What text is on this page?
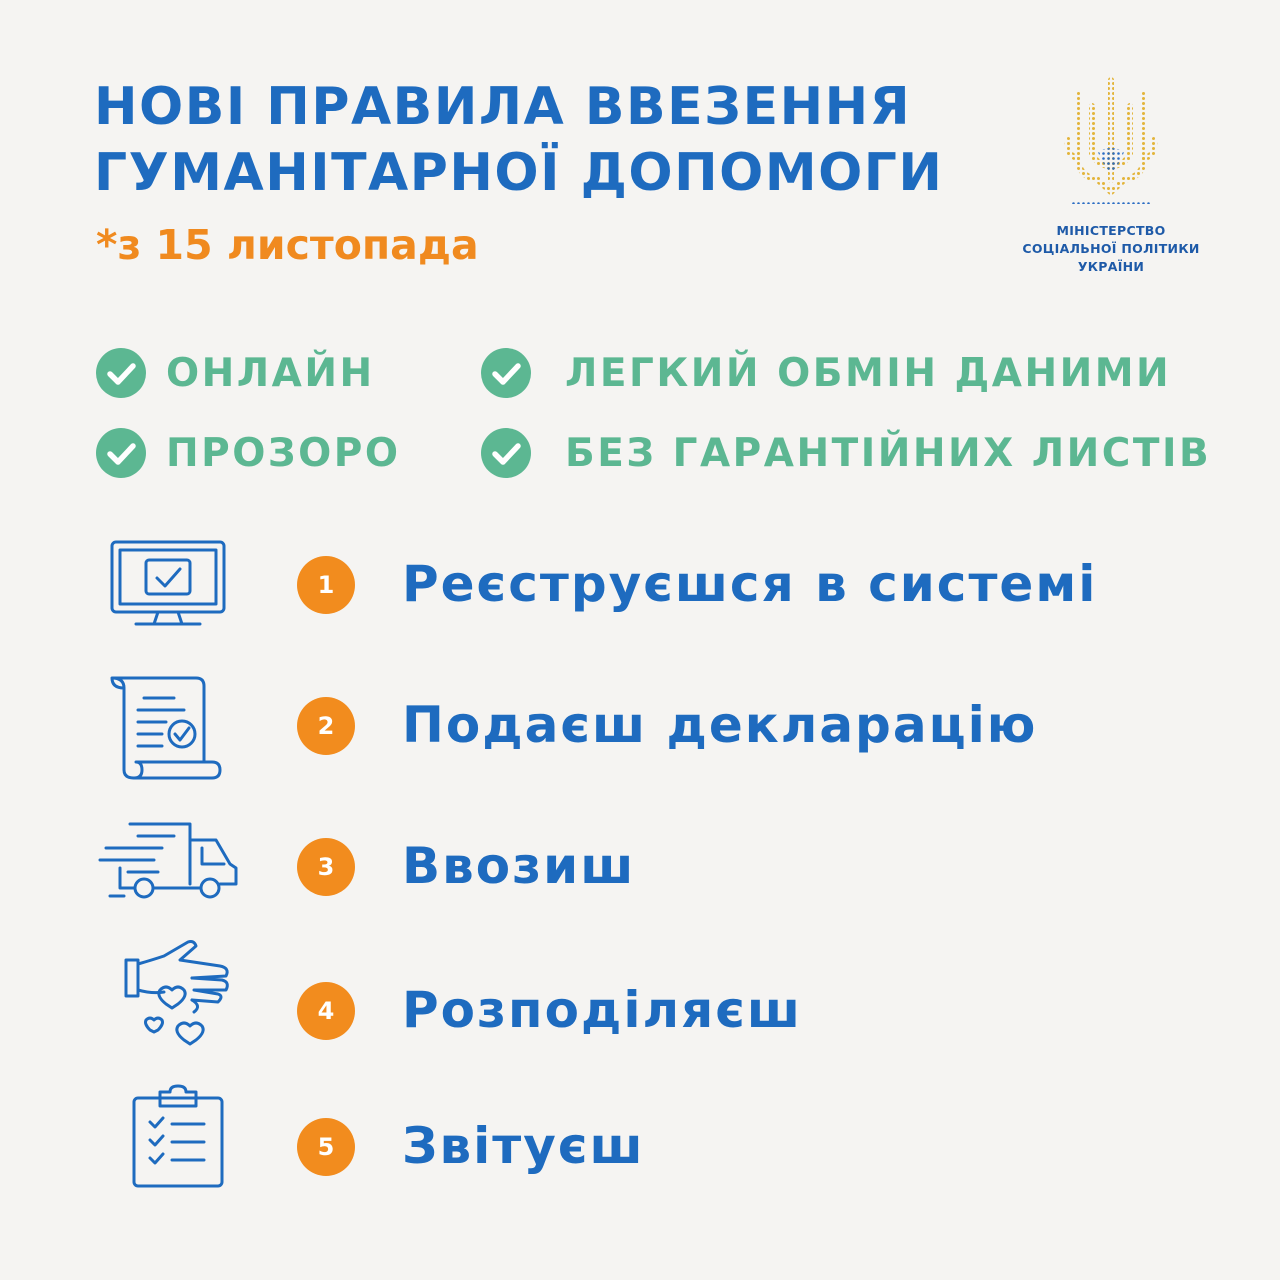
НОВІ ПРАВИЛА ВВЕЗЕННЯ
ГУМАНІТАРНОЇ ДОПОМОГИ

*з 15 листопада	МІНІСТЕРСТВО
СОЦІАЛЬНОЇ ПОЛІТИКИ
УКРАЇНИ
ОНЛАЙН	ЛЕГКИЙ ОБМІН ДАНИМИ
ПРОЗОРО	БЕЗ ГАРАНТІЙНИХ ЛИСТІВ
1	Реєструєшся в системі
2	Подаєш декларацію
3	Ввозиш
4	Розподіляєш
5	Звітуєш
